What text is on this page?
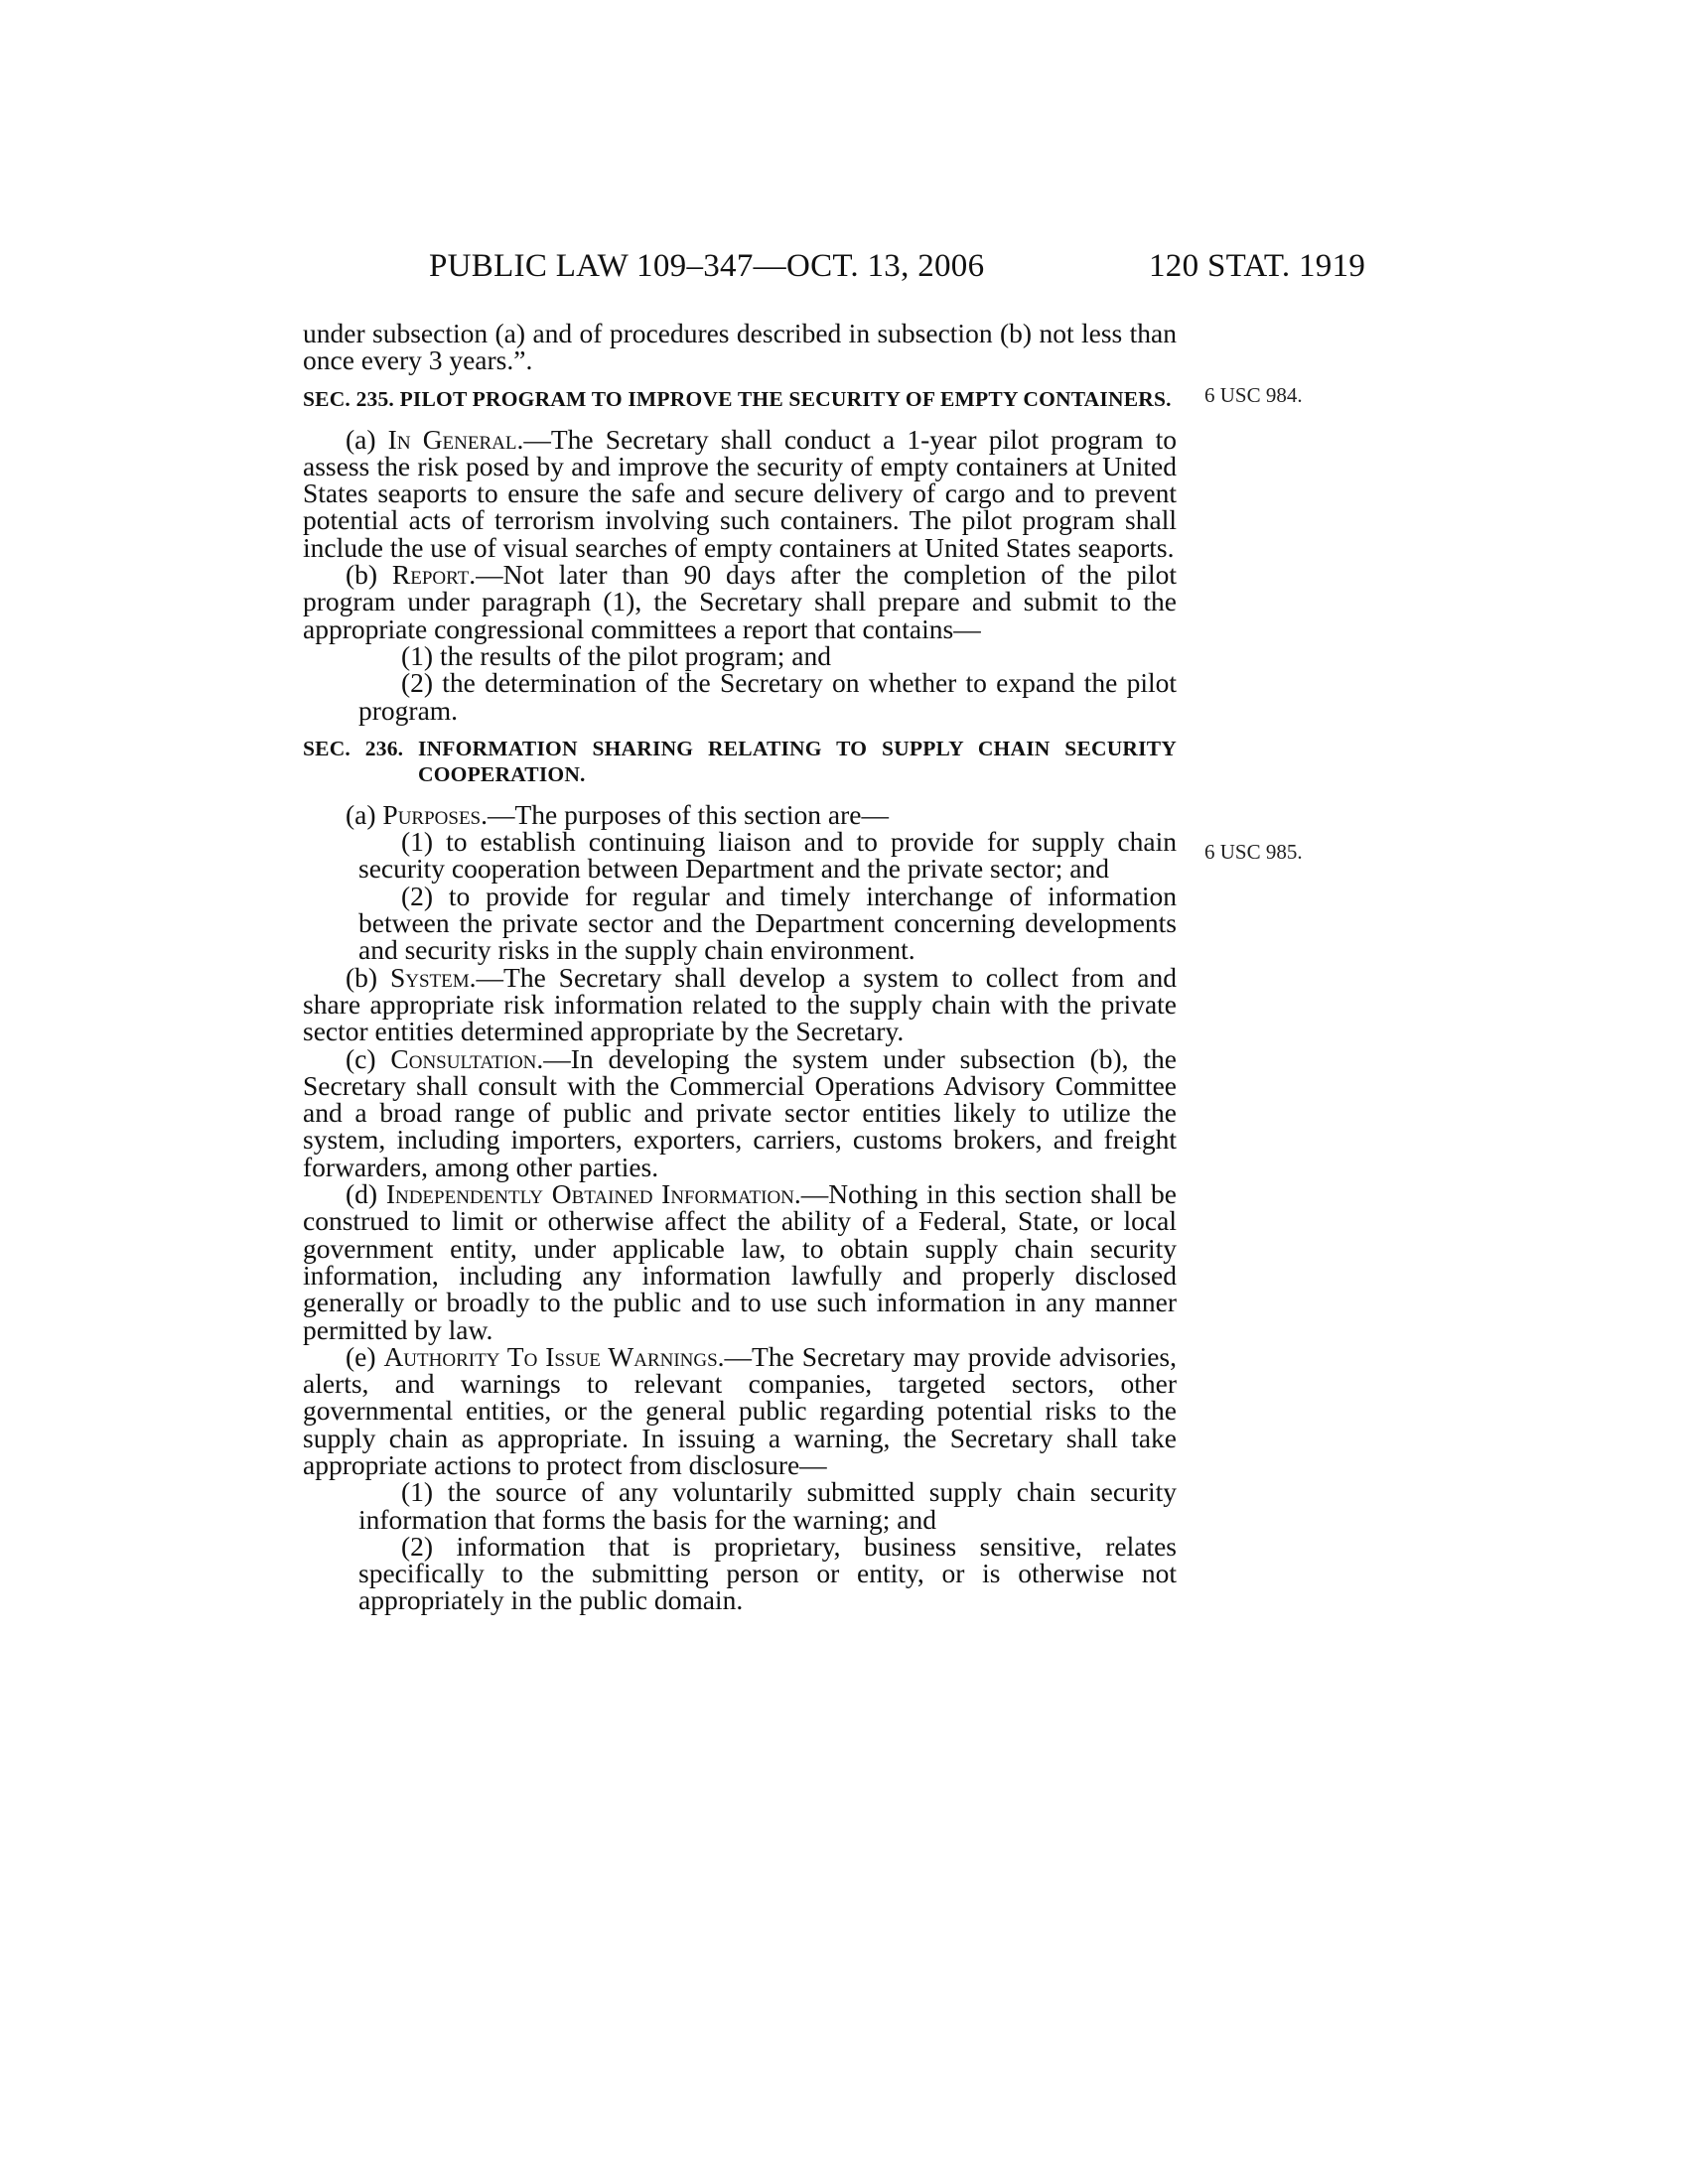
PUBLIC LAW 109–347—OCT. 13, 2006	120 STAT. 1919
6 USC 984.
6 USC 985.

under subsection (a) and of procedures described in subsection (b) not less than once every 3 years.”.

SEC. 235. PILOT PROGRAM TO IMPROVE THE SECURITY OF EMPTY CONTAINERS.

(a) In General.—The Secretary shall conduct a 1-year pilot program to assess the risk posed by and improve the security of empty containers at United States seaports to ensure the safe and secure delivery of cargo and to prevent potential acts of terrorism involving such containers. The pilot program shall include the use of visual searches of empty containers at United States seaports.

(b) Report.—Not later than 90 days after the completion of the pilot program under paragraph (1), the Secretary shall prepare and submit to the appropriate congressional committees a report that contains—

(1) the results of the pilot program; and

(2) the determination of the Secretary on whether to expand the pilot program.

SEC. 236. INFORMATION SHARING RELATING TO SUPPLY CHAIN SECURITY COOPERATION.

(a) Purposes.—The purposes of this section are—

(1) to establish continuing liaison and to provide for supply chain security cooperation between Department and the private sector; and

(2) to provide for regular and timely interchange of information between the private sector and the Department concerning developments and security risks in the supply chain environment.

(b) System.—The Secretary shall develop a system to collect from and share appropriate risk information related to the supply chain with the private sector entities determined appropriate by the Secretary.

(c) Consultation.—In developing the system under subsection (b), the Secretary shall consult with the Commercial Operations Advisory Committee and a broad range of public and private sector entities likely to utilize the system, including importers, exporters, carriers, customs brokers, and freight forwarders, among other parties.

(d) Independently Obtained Information.—Nothing in this section shall be construed to limit or otherwise affect the ability of a Federal, State, or local government entity, under applicable law, to obtain supply chain security information, including any information lawfully and properly disclosed generally or broadly to the public and to use such information in any manner permitted by law.

(e) Authority To Issue Warnings.—The Secretary may provide advisories, alerts, and warnings to relevant companies, targeted sectors, other governmental entities, or the general public regarding potential risks to the supply chain as appropriate. In issuing a warning, the Secretary shall take appropriate actions to protect from disclosure—

(1) the source of any voluntarily submitted supply chain security information that forms the basis for the warning; and

(2) information that is proprietary, business sensitive, relates specifically to the submitting person or entity, or is otherwise not appropriately in the public domain.
